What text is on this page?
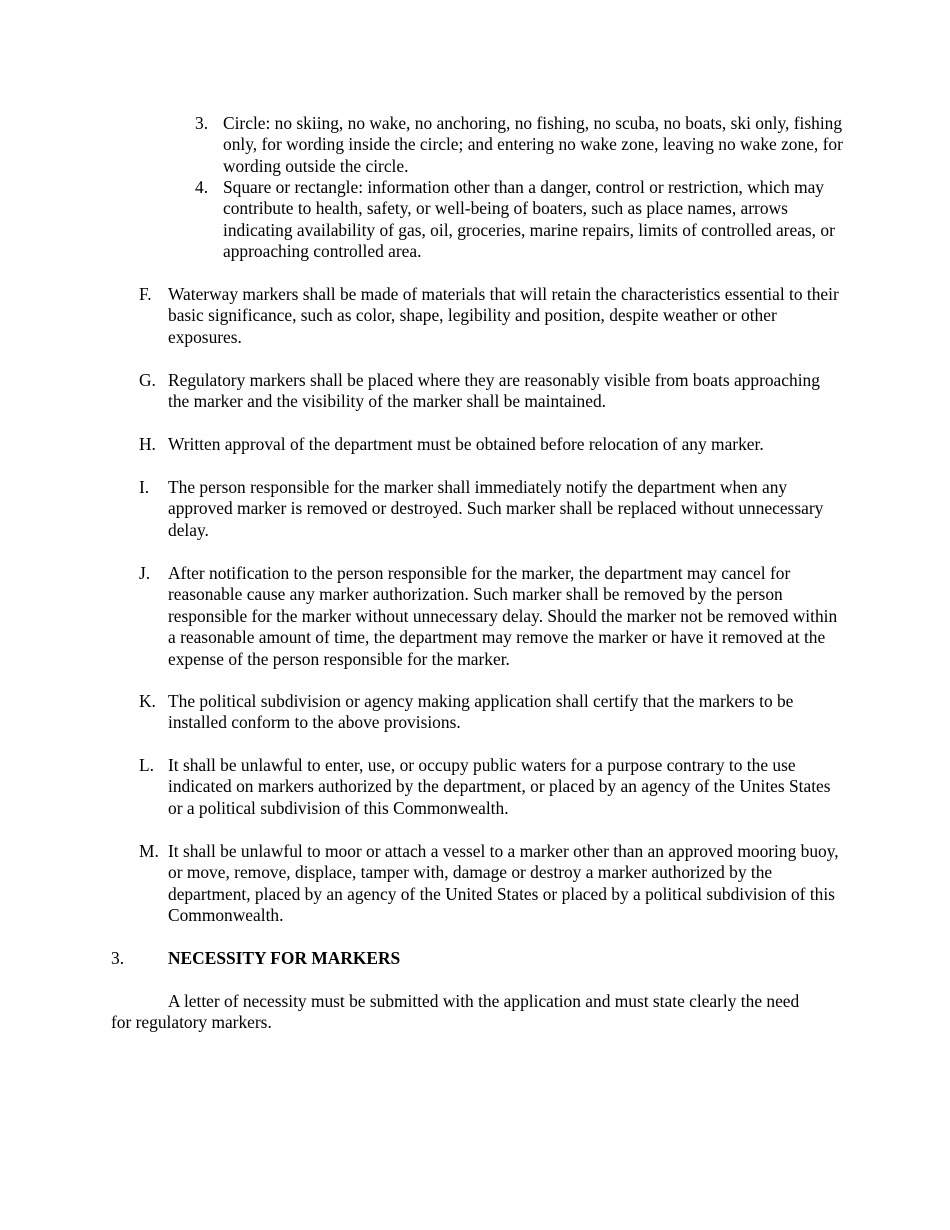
3. Circle: no skiing, no wake, no anchoring, no fishing, no scuba, no boats, ski only, fishing only, for wording inside the circle; and entering no wake zone, leaving no wake zone, for wording outside the circle.
4. Square or rectangle: information other than a danger, control or restriction, which may contribute to health, safety, or well-being of boaters, such as place names, arrows indicating availability of gas, oil, groceries, marine repairs, limits of controlled areas, or approaching controlled area.
F. Waterway markers shall be made of materials that will retain the characteristics essential to their basic significance, such as color, shape, legibility and position, despite weather or other exposures.
G. Regulatory markers shall be placed where they are reasonably visible from boats approaching the marker and the visibility of the marker shall be maintained.
H. Written approval of the department must be obtained before relocation of any marker.
I. The person responsible for the marker shall immediately notify the department when any approved marker is removed or destroyed. Such marker shall be replaced without unnecessary delay.
J. After notification to the person responsible for the marker, the department may cancel for reasonable cause any marker authorization. Such marker shall be removed by the person responsible for the marker without unnecessary delay. Should the marker not be removed within a reasonable amount of time, the department may remove the marker or have it removed at the expense of the person responsible for the marker.
K. The political subdivision or agency making application shall certify that the markers to be installed conform to the above provisions.
L. It shall be unlawful to enter, use, or occupy public waters for a purpose contrary to the use indicated on markers authorized by the department, or placed by an agency of the Unites States or a political subdivision of this Commonwealth.
M. It shall be unlawful to moor or attach a vessel to a marker other than an approved mooring buoy, or move, remove, displace, tamper with, damage or destroy a marker authorized by the department, placed by an agency of the United States or placed by a political subdivision of this Commonwealth.
3.	NECESSITY FOR MARKERS
A letter of necessity must be submitted with the application and must state clearly the need for regulatory markers.
